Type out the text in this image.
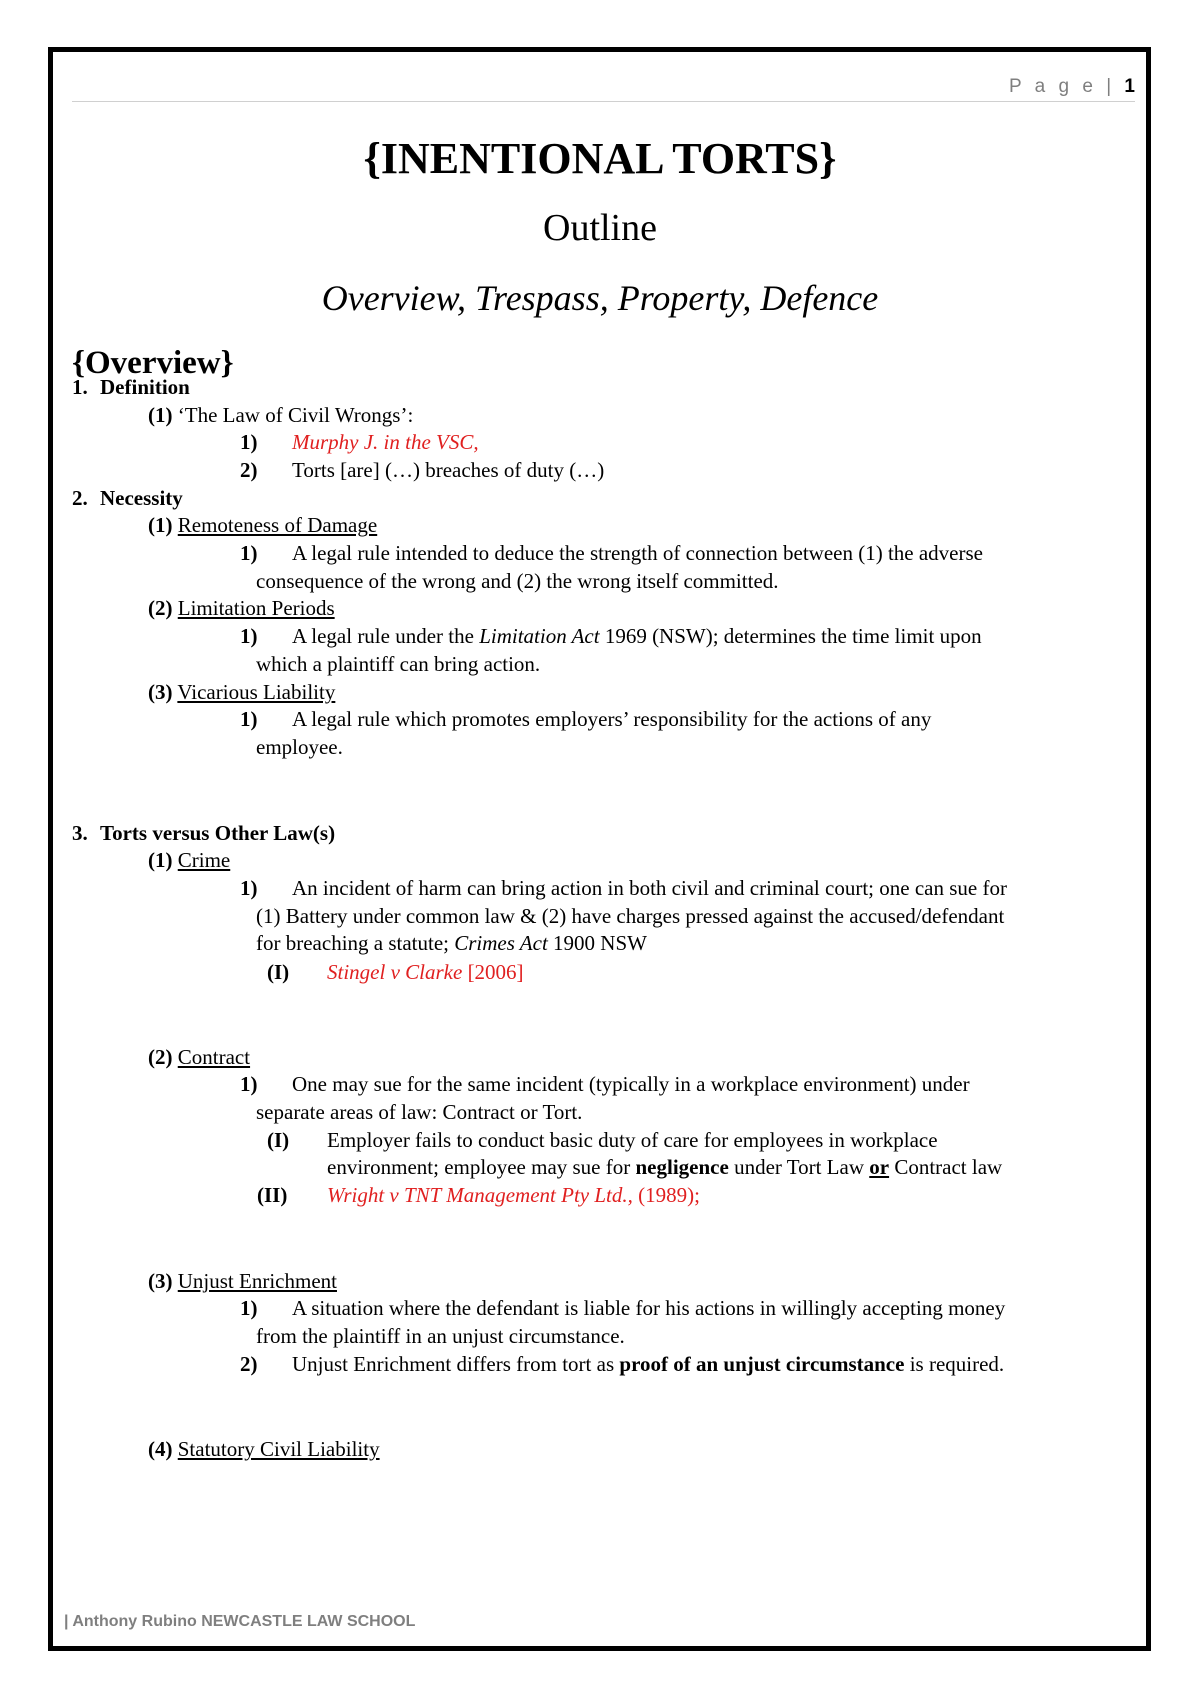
P a g e | 1
{INENTIONAL TORTS}
Outline
Overview, Trespass, Property, Defence
{Overview}
1. Definition
(1) ‘The Law of Civil Wrongs’:
1) Murphy J. in the VSC,
2) Torts [are] (…) breaches of duty (…)
2. Necessity
(1) Remoteness of Damage
1) A legal rule intended to deduce the strength of connection between (1) the adverse
consequence of the wrong and (2) the wrong itself committed.
(2) Limitation Periods
1) A legal rule under the Limitation Act 1969 (NSW); determines the time limit upon
which a plaintiff can bring action.
(3) Vicarious Liability
1) A legal rule which promotes employers’ responsibility for the actions of any
employee.
3. Torts versus Other Law(s)
(1) Crime
1) An incident of harm can bring action in both civil and criminal court; one can sue for
(1) Battery under common law & (2) have charges pressed against the accused/defendant
for breaching a statute; Crimes Act 1900 NSW
(I) Stingel v Clarke [2006]
(2) Contract
1) One may sue for the same incident (typically in a workplace environment) under
separate areas of law: Contract or Tort.
(I) Employer fails to conduct basic duty of care for employees in workplace
environment; employee may sue for negligence under Tort Law or Contract law
(II) Wright v TNT Management Pty Ltd., (1989);
(3) Unjust Enrichment
1) A situation where the defendant is liable for his actions in willingly accepting money
from the plaintiff in an unjust circumstance.
2) Unjust Enrichment differs from tort as proof of an unjust circumstance is required.
(4) Statutory Civil Liability
| Anthony Rubino NEWCASTLE LAW SCHOOL
